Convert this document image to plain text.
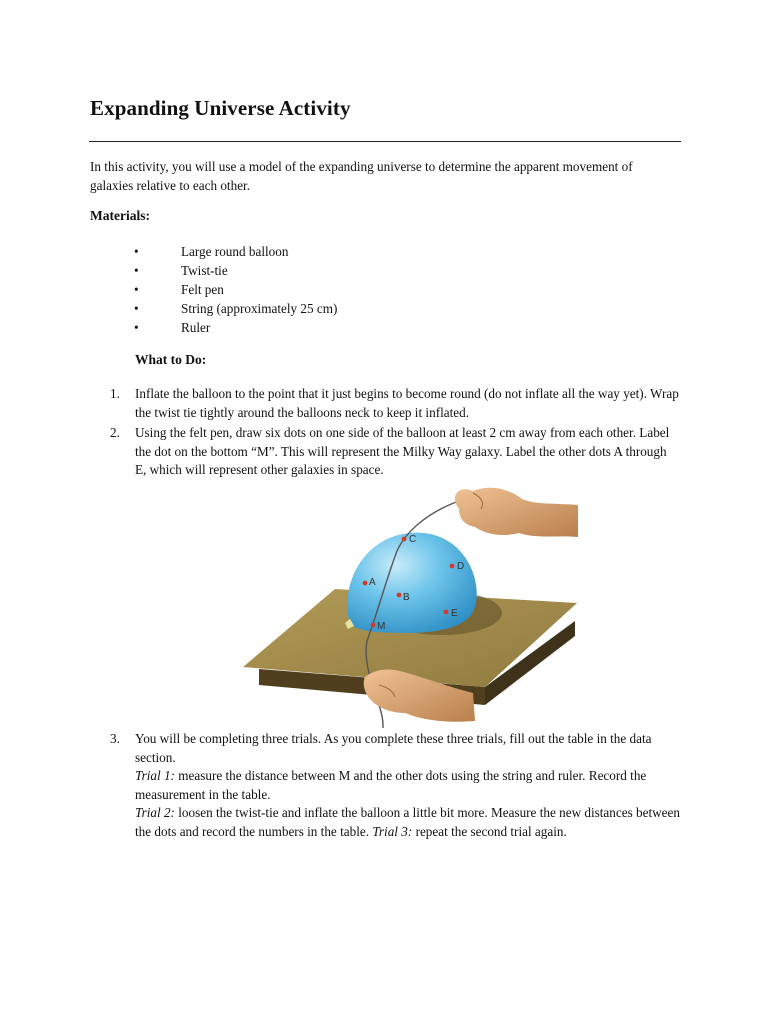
Expanding Universe Activity

In this activity, you will use a model of the expanding universe to determine the apparent movement of galaxies relative to each other.

Materials:
•	Large round balloon
•	Twist-tie
•	Felt pen
•	String (approximately 25 cm)
•	Ruler
What to Do:
1. Inflate the balloon to the point that it just begins to become round (do not inflate all the way yet). Wrap the twist tie tightly around the balloons neck to keep it inflated.
2. Using the felt pen, draw six dots on one side of the balloon at least 2 cm away from each other. Label the dot on the bottom “M”. This will represent the Milky Way galaxy. Label the other dots A through E, which will represent other galaxies in space.
3. You will be completing three trials. As you complete these three trials, fill out the table in the data section.
Trial 1: measure the distance between M and the other dots using the string and ruler. Record the measurement in the table.
Trial 2: loosen the twist-tie and inflate the balloon a little bit more. Measure the new distances between the dots and record the numbers in the table. Trial 3: repeat the second trial again.
C
D
A
B
E
M
